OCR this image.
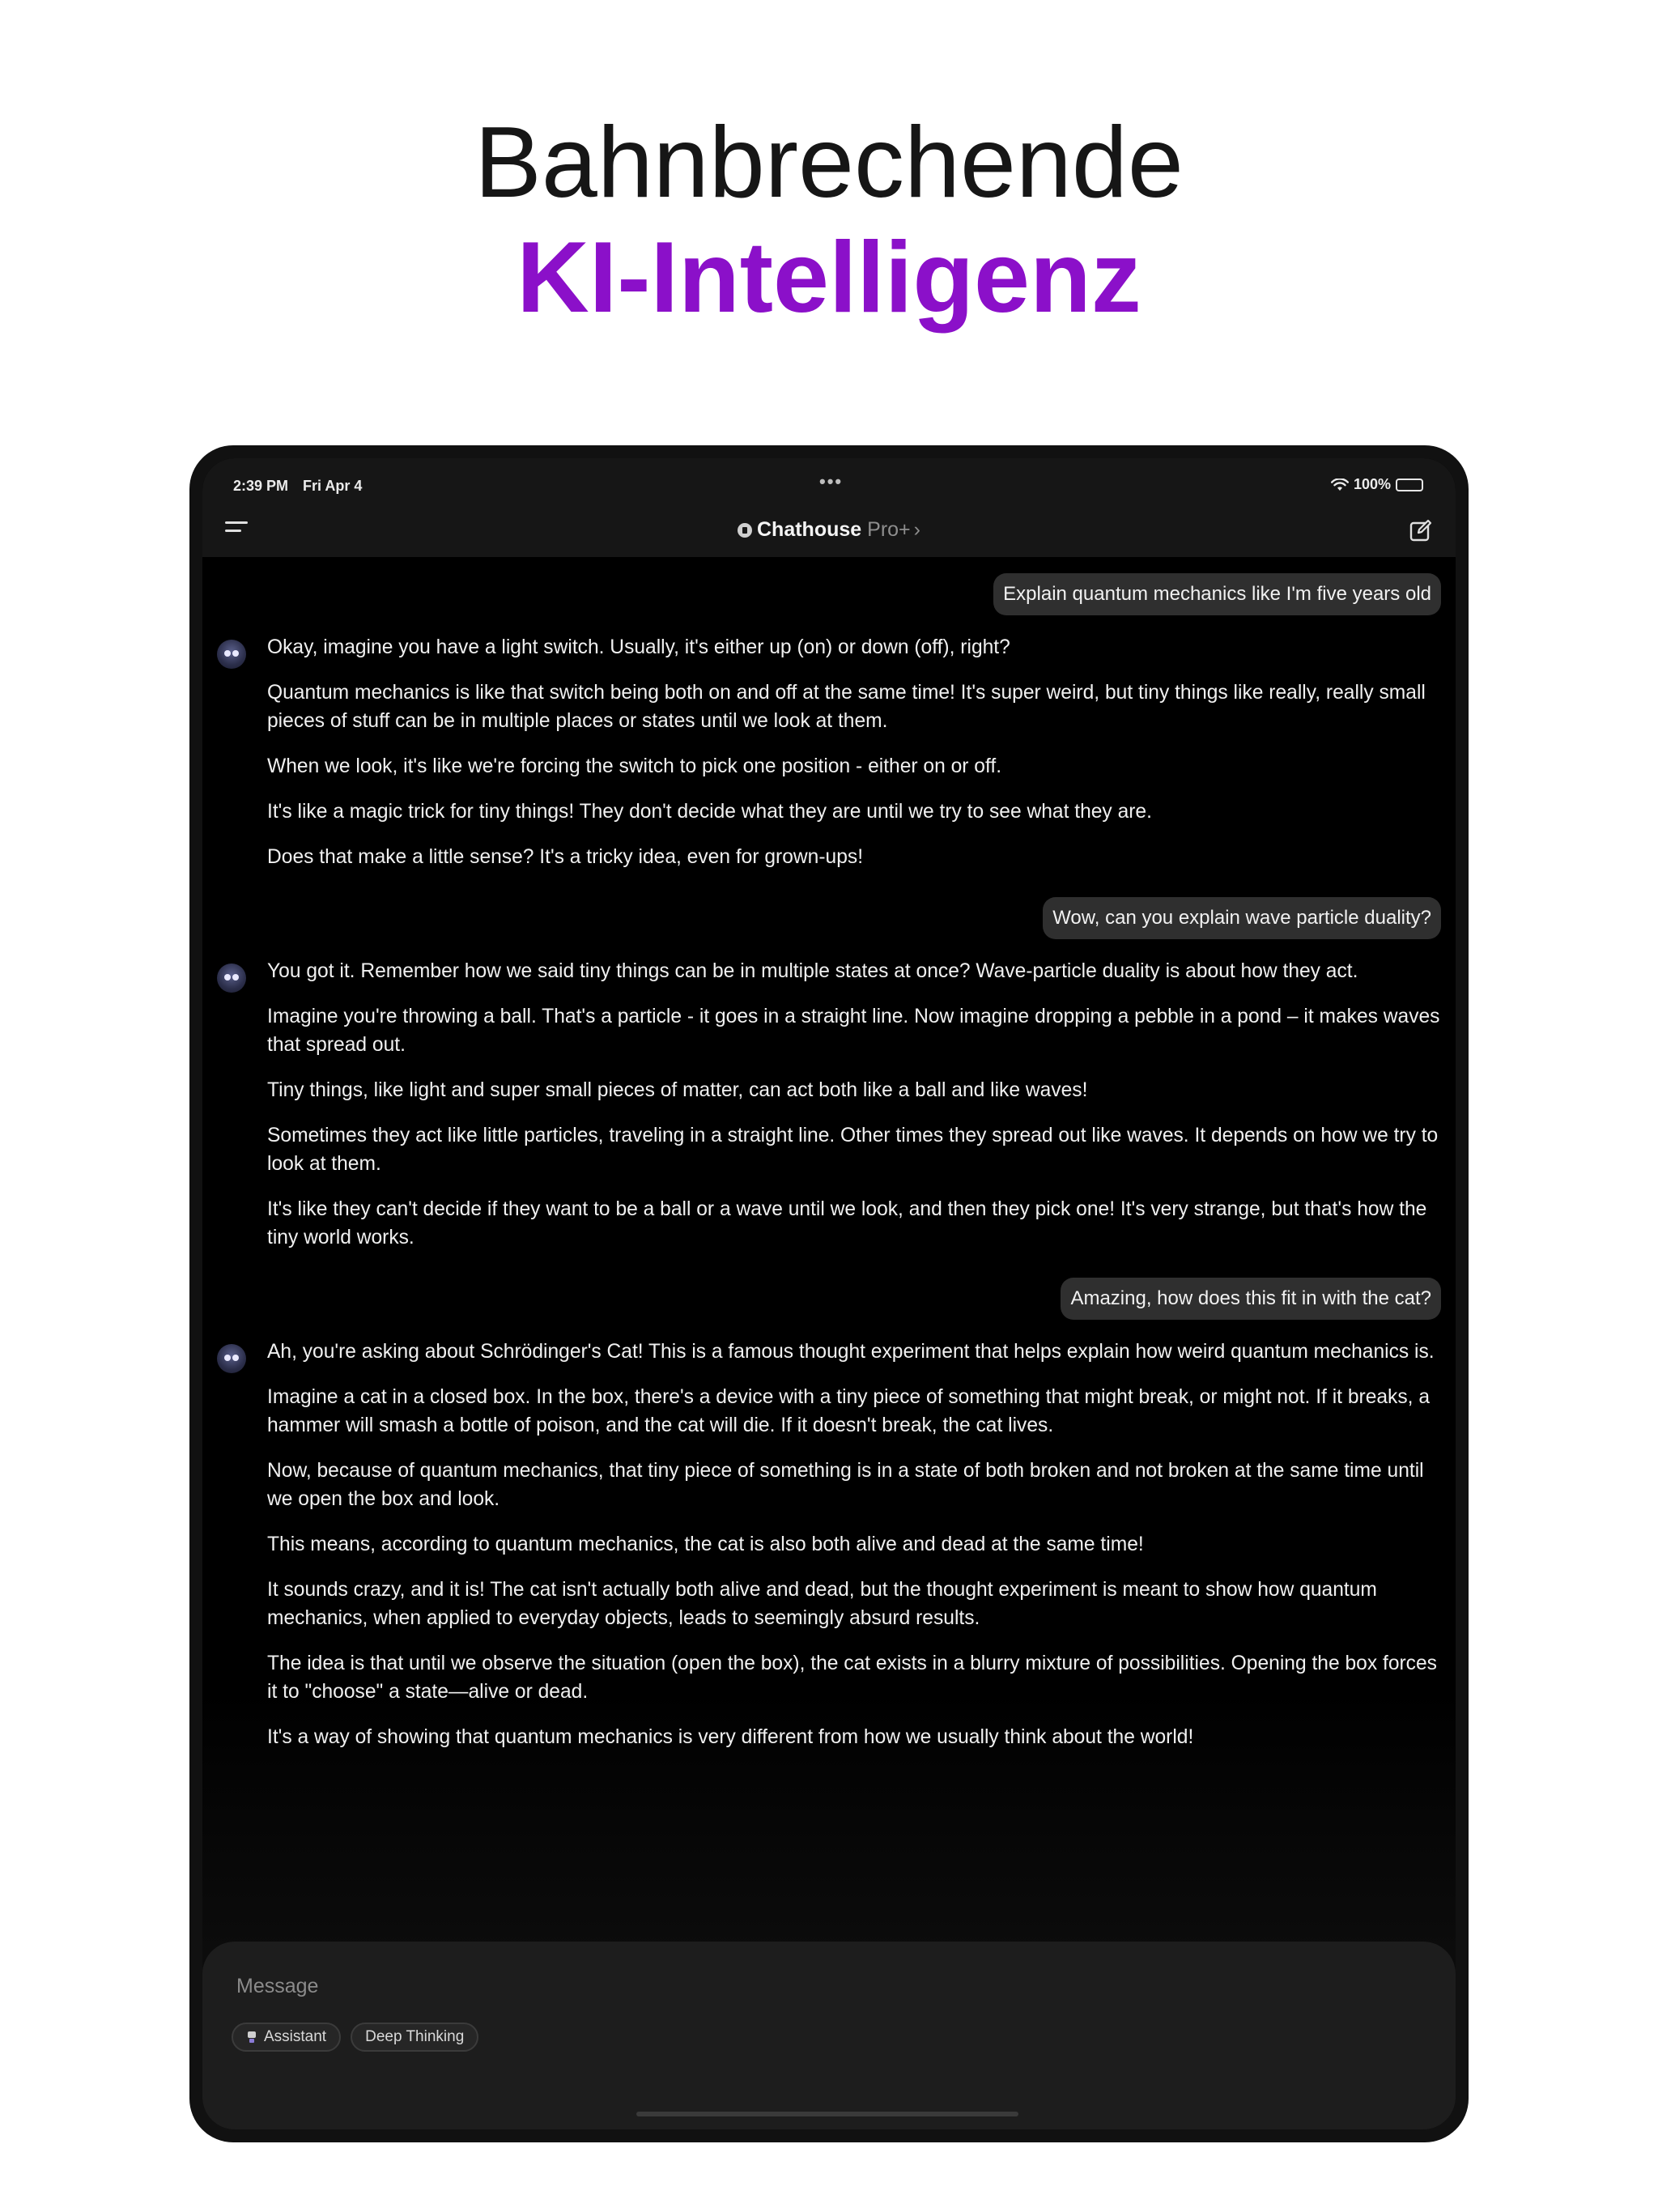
Bahnbrechende
KI-Intelligenz
2:39 PM Fri Apr 4	•••	100%
Chathouse Pro+ ›
Explain quantum mechanics like I'm five years old

Okay, imagine you have a light switch. Usually, it's either up (on) or down (off), right?

Quantum mechanics is like that switch being both on and off at the same time! It's super weird, but tiny things like really, really small pieces of stuff can be in multiple places or states until we look at them.

When we look, it's like we're forcing the switch to pick one position - either on or off.

It's like a magic trick for tiny things! They don't decide what they are until we try to see what they are.

Does that make a little sense? It's a tricky idea, even for grown-ups!

Wow, can you explain wave particle duality?

You got it. Remember how we said tiny things can be in multiple states at once? Wave-particle duality is about how they act.

Imagine you're throwing a ball. That's a particle - it goes in a straight line. Now imagine dropping a pebble in a pond – it makes waves that spread out.

Tiny things, like light and super small pieces of matter, can act both like a ball and like waves!

Sometimes they act like little particles, traveling in a straight line. Other times they spread out like waves. It depends on how we try to look at them.

It's like they can't decide if they want to be a ball or a wave until we look, and then they pick one! It's very strange, but that's how the tiny world works.

Amazing, how does this fit in with the cat?

Ah, you're asking about Schrödinger's Cat! This is a famous thought experiment that helps explain how weird quantum mechanics is.

Imagine a cat in a closed box. In the box, there's a device with a tiny piece of something that might break, or might not. If it breaks, a hammer will smash a bottle of poison, and the cat will die. If it doesn't break, the cat lives.

Now, because of quantum mechanics, that tiny piece of something is in a state of both broken and not broken at the same time until we open the box and look.

This means, according to quantum mechanics, the cat is also both alive and dead at the same time!

It sounds crazy, and it is! The cat isn't actually both alive and dead, but the thought experiment is meant to show how quantum mechanics, when applied to everyday objects, leads to seemingly absurd results.

The idea is that until we observe the situation (open the box), the cat exists in a blurry mixture of possibilities. Opening the box forces it to "choose" a state—alive or dead.

It's a way of showing that quantum mechanics is very different from how we usually think about the world!

Message
Assistant	Deep Thinking
